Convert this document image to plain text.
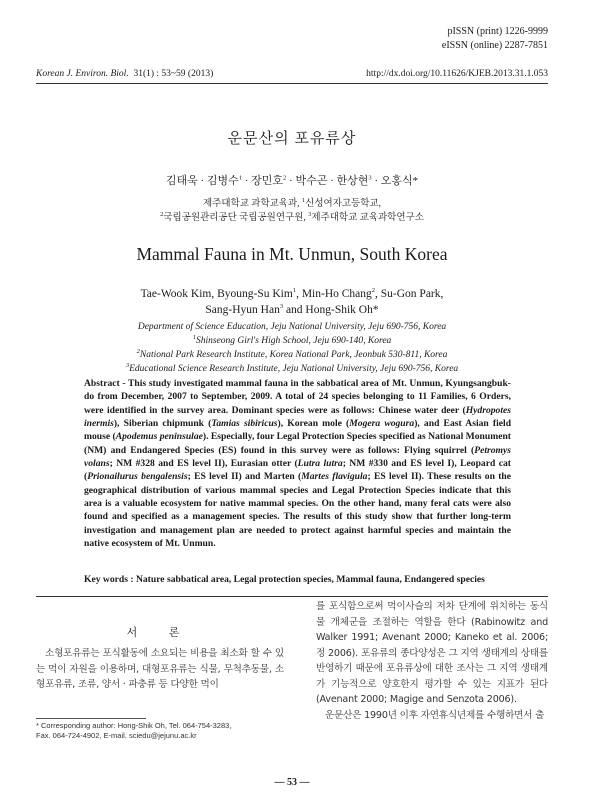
pISSN (print) 1226-9999
eISSN (online) 2287-7851
Korean J. Environ. Biol. 31(1) : 53~59 (2013)	http://dx.doi.org/10.11626/KJEB.2013.31.1.053
운문산의 포유류상
김태욱 · 김병수$^1$ · 장민호$^2$ · 박수곤 · 한상현$^3$ · 오홍식*
제주대학교 과학교육과, $^1$신성여자고등학교,
$^2$국립공원관리공단 국립공원연구원, $^3$제주대학교 교육과학연구소
Mammal Fauna in Mt. Unmun, South Korea
Tae-Wook Kim, Byoung-Su Kim$^1$, Min-Ho Chang$^2$, Su-Gon Park,
Sang-Hyun Han$^3$ and Hong-Shik Oh*
Department of Science Education, Jeju National University, Jeju 690-756, Korea
$^1$Shinseong Girl's High School, Jeju 690-140, Korea
$^2$National Park Research Institute, Korea National Park, Jeonbuk 530-811, Korea
$^3$Educational Science Research Institute, Jeju National University, Jeju 690-756, Korea
Abstract - This study investigated mammal fauna in the sabbatical area of Mt. Unmun, Kyungsangbuk-do from December, 2007 to September, 2009. A total of 24 species belonging to 11 Families, 6 Orders, were identified in the survey area. Dominant species were as follows: Chinese water deer (Hydropotes inermis), Siberian chipmunk (Tamias sibiricus), Korean mole (Mogera wogura), and East Asian field mouse (Apodemus peninsulae). Especially, four Legal Protection Species specified as National Monument (NM) and Endangered Species (ES) found in this survey were as follows: Flying squirrel (Petromys volans; NM #328 and ES level II), Eurasian otter (Lutra lutra; NM #330 and ES level I), Leopard cat (Prionailurus bengalensis; ES level II) and Marten (Martes flavigula; ES level II). These results on the geographical distribution of various mammal species and Legal Protection Species indicate that this area is a valuable ecosystem for native mammal species. On the other hand, many feral cats were also found and specified as a management species. The results of this study show that further long-term investigation and management plan are needed to protect against harmful species and maintain the native ecosystem of Mt. Unmun.
Key words : Nature sabbatical area, Legal protection species, Mammal fauna, Endangered species
서 론
소형포유류는 포식활동에 소요되는 비용을 최소화 할 수 있는 먹이 자원을 이용하며, 대형포유류는 식물, 무척추동물, 소형포유류, 조류, 양서 · 파충류 등 다양한 먹이

를 포식함으로써 먹이사슬의 저차 단계에 위치하는 동식물 개체군을 조절하는 역할을 한다 (Rabinowitz and Walker 1991; Avenant 2000; Kaneko et al. 2006; 정 2006). 포유류의 종다양성은 그 지역 생태계의 상태를 반영하기 때문에 포유류상에 대한 조사는 그 지역 생태계가 기능적으로 양호한지 평가할 수 있는 지표가 된다 (Avenant 2000; Magige and Senzota 2006).

운문산은 1990년 이후 자연휴식년제를 수행하면서 출

* Corresponding author: Hong-Shik Oh, Tel. 064-754-3283,
Fax. 064-724-4902, E-mail. sciedu@jejunu.ac.kr
— 53 —
